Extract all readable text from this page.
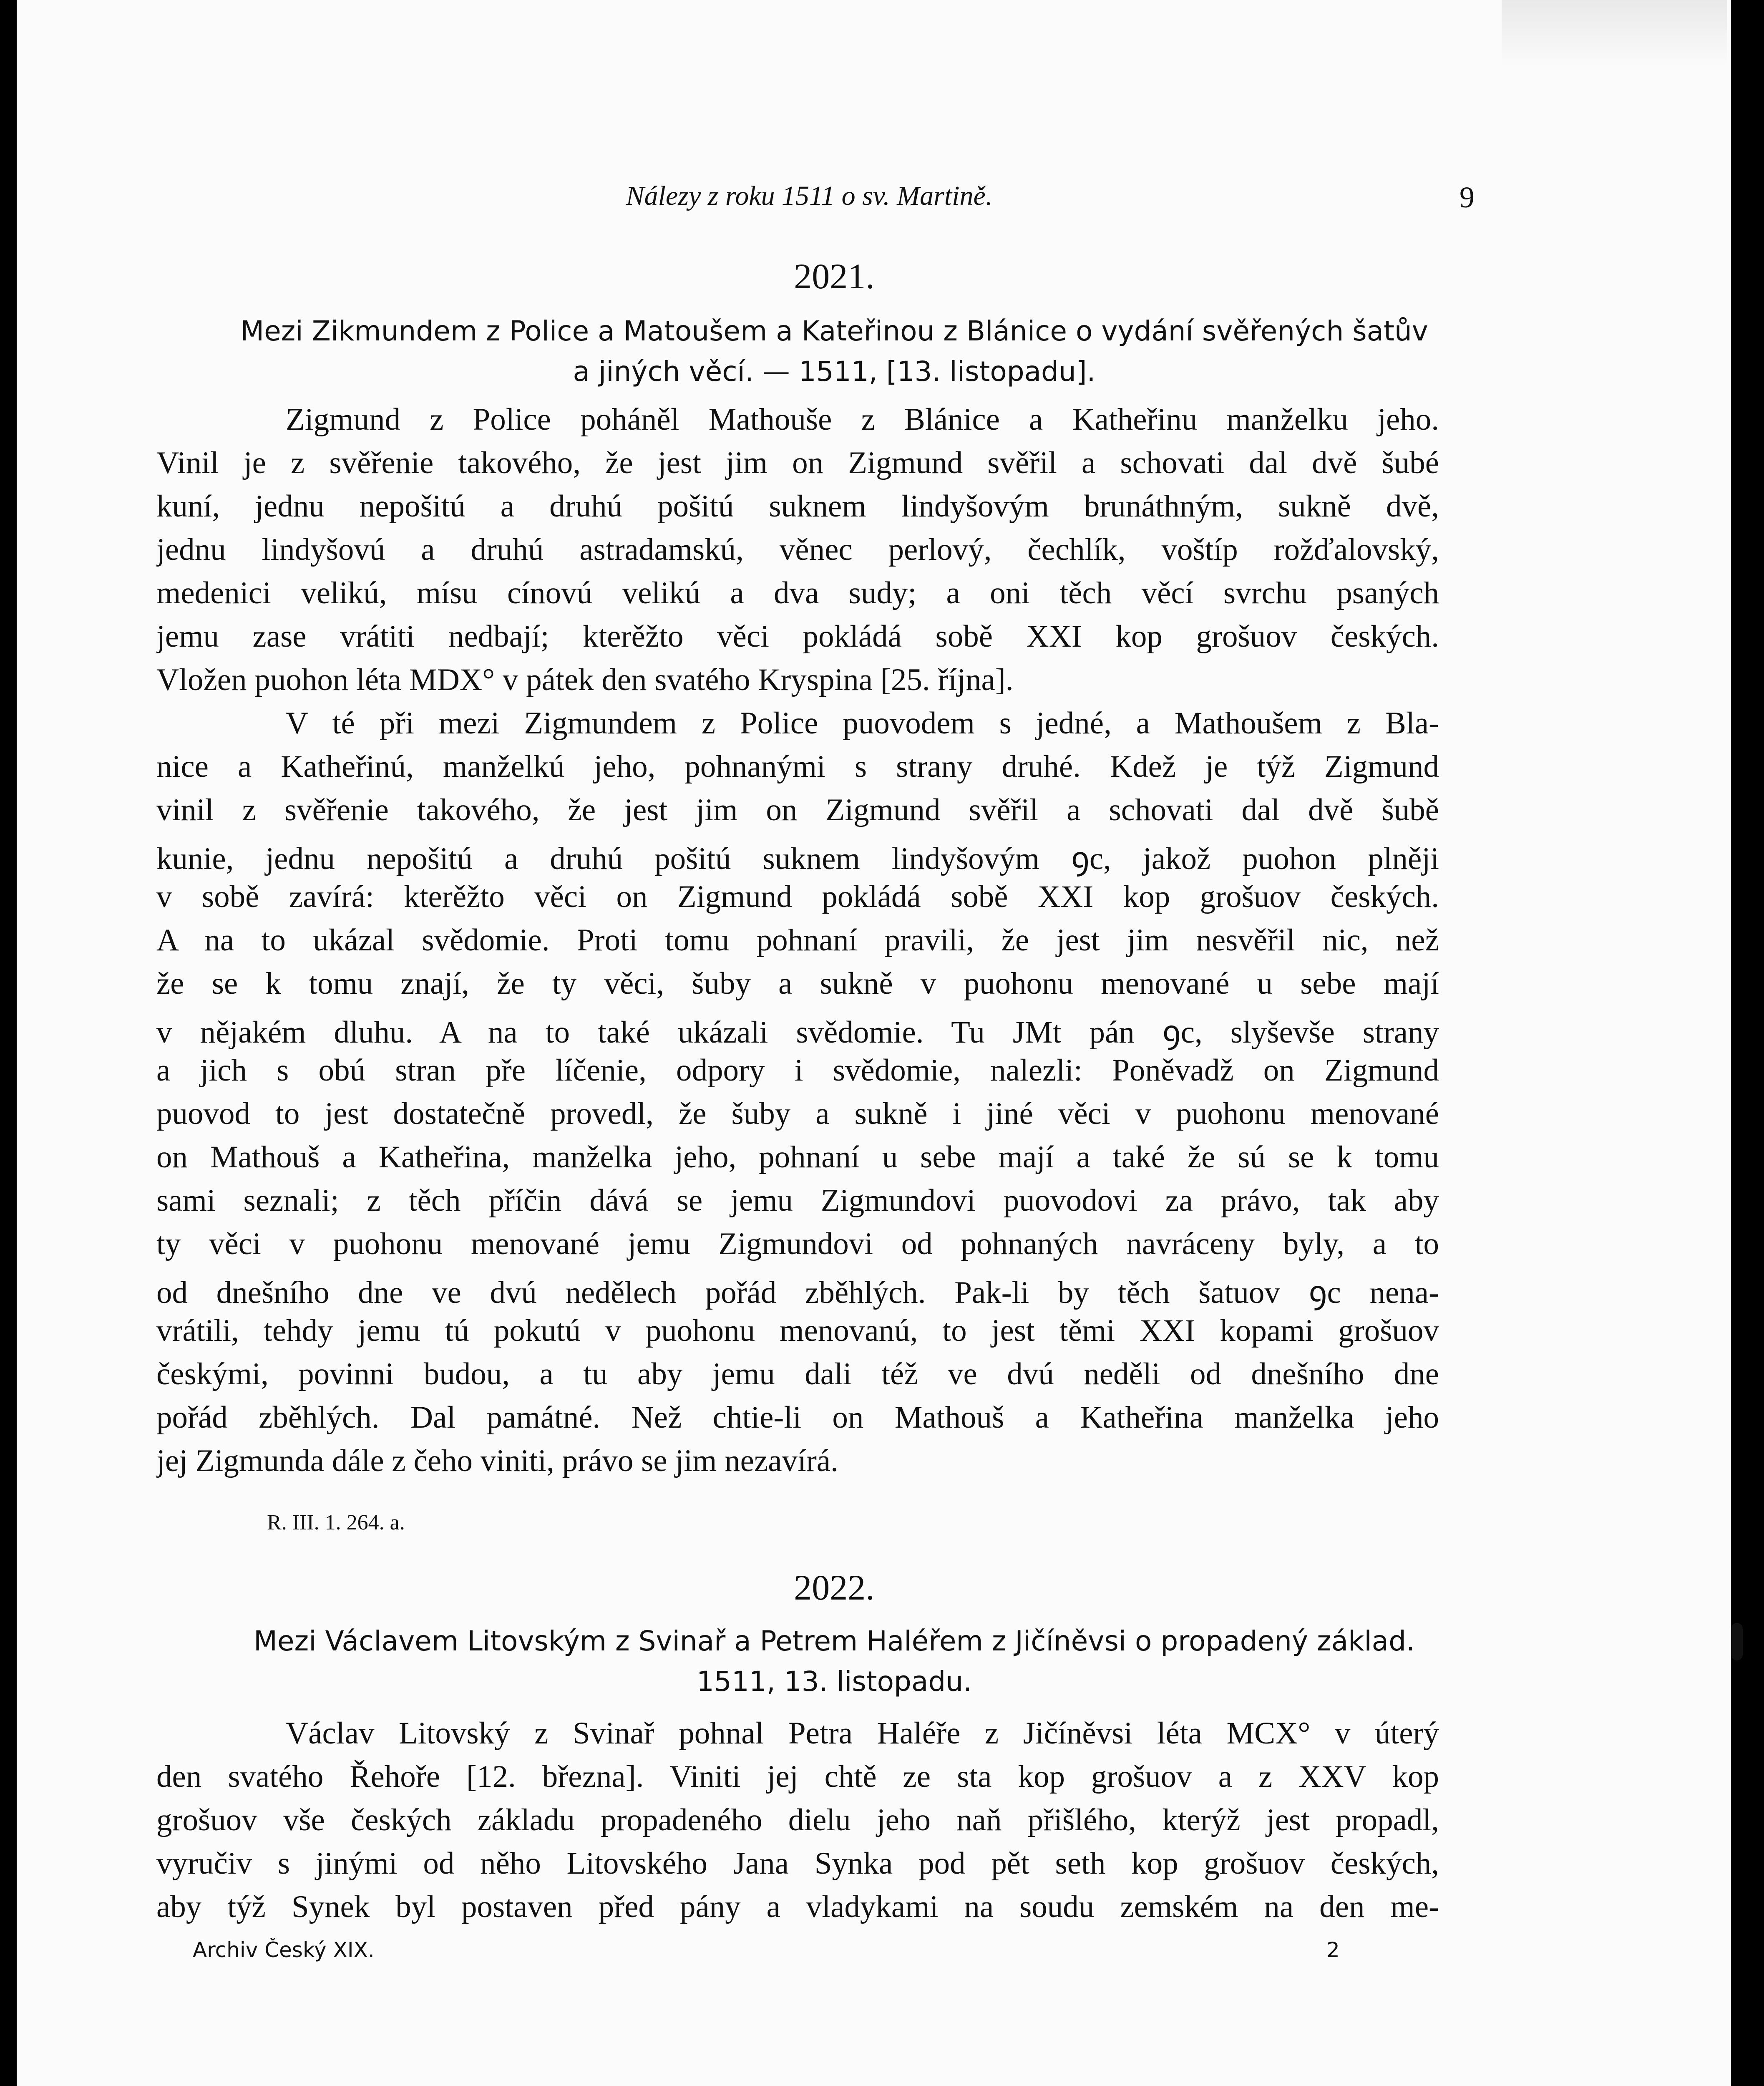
Nálezy z roku 1511 o sv. Martině.	9
2021.
Mezi Zikmundem z Police a Matoušem a Kateřinou z Blánice o vydání svěřených šatův
a jiných věcí. — 1511, [13. listopadu].
Zigmund z Police poháněl Mathouše z Blánice a Katheřinu manželku jeho.
Vinil je z svěřenie takového, že jest jim on Zigmund svěřil a schovati dal dvě šubé
kuní, jednu nepošitú a druhú pošitú suknem lindyšovým brunáthným, sukně dvě,
jednu lindyšovú a druhú astradamskú, věnec perlový, čechlík, voštíp rožďalovský,
medenici velikú, mísu cínovú velikú a dva sudy; a oni těch věcí svrchu psaných
jemu zase vrátiti nedbají; kterěžto věci pokládá sobě XXI kop grošuov českých.
Vložen puohon léta MDX° v pátek den svatého Kryspina [25. října].
V té při mezi Zigmundem z Police puovodem s jedné, a Mathoušem z Bla-
nice a Katheřinú, manželkú jeho, pohnanými s strany druhé. Kdež je týž Zigmund
vinil z svěřenie takového, že jest jim on Zigmund svěřil a schovati dal dvě šubě
kunie, jednu nepošitú a druhú pošitú suknem lindyšovým ꝯc, jakož puohon plněji
v sobě zavírá: kterěžto věci on Zigmund pokládá sobě XXI kop grošuov českých.
A na to ukázal svědomie. Proti tomu pohnaní pravili, že jest jim nesvěřil nic, než
že se k tomu znají, že ty věci, šuby a sukně v puohonu menované u sebe mají
v nějakém dluhu. A na to také ukázali svědomie. Tu JMt pán ꝯc, slyševše strany
a jich s obú stran pře líčenie, odpory i svědomie, nalezli: Poněvadž on Zigmund
puovod to jest dostatečně provedl, že šuby a sukně i jiné věci v puohonu menované
on Mathouš a Katheřina, manželka jeho, pohnaní u sebe mají a také že sú se k tomu
sami seznali; z těch příčin dává se jemu Zigmundovi puovodovi za právo, tak aby
ty věci v puohonu menované jemu Zigmundovi od pohnaných navráceny byly, a to
od dnešního dne ve dvú nedělech pořád zběhlých. Pak-li by těch šatuov ꝯc nena-
vrátili, tehdy jemu tú pokutú v puohonu menovanú, to jest těmi XXI kopami grošuov
českými, povinni budou, a tu aby jemu dali též ve dvú neděli od dnešního dne
pořád zběhlých. Dal památné. Než chtie-li on Mathouš a Katheřina manželka jeho
jej Zigmunda dále z čeho viniti, právo se jim nezavírá.
R. III. 1. 264. a.
2022.
Mezi Václavem Litovským z Svinař a Petrem Haléřem z Jičíněvsi o propadený základ.
1511, 13. listopadu.
Václav Litovský z Svinař pohnal Petra Haléře z Jičíněvsi léta MCX° v úterý
den svatého Řehoře [12. března]. Viniti jej chtě ze sta kop grošuov a z XXV kop
grošuov vše českých základu propadeného dielu jeho naň přišlého, kterýž jest propadl,
vyručiv s jinými od něho Litovského Jana Synka pod pět seth kop grošuov českých,
aby týž Synek byl postaven před pány a vladykami na soudu zemském na den me-
Archiv Český XIX.	2
